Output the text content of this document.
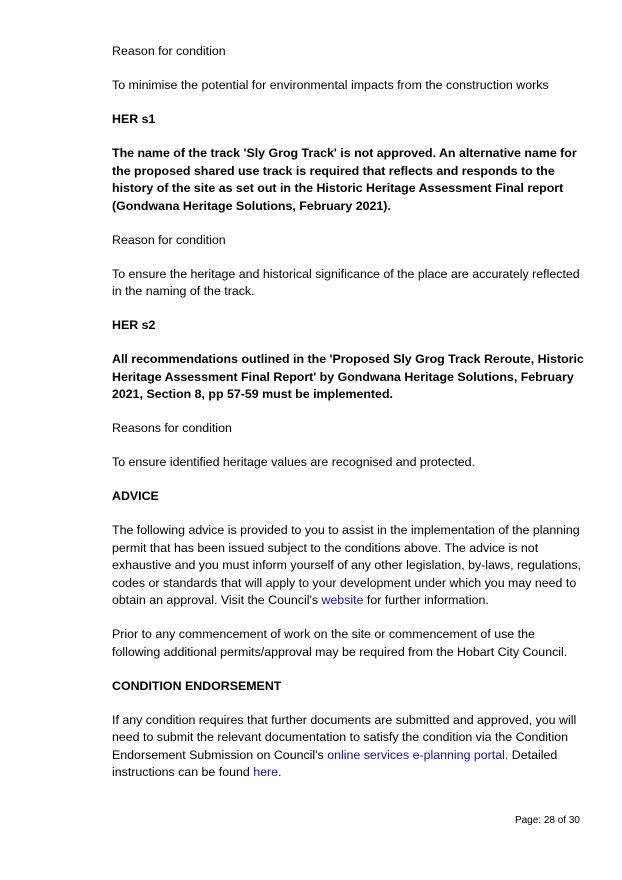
Reason for condition

To minimise the potential for environmental impacts from the construction works

HER s1

The name of the track 'Sly Grog Track' is not approved. An alternative name for the proposed shared use track is required that reflects and responds to the history of the site as set out in the Historic Heritage Assessment Final report (Gondwana Heritage Solutions, February 2021).

Reason for condition

To ensure the heritage and historical significance of the place are accurately reflected in the naming of the track.

HER s2

All recommendations outlined in the 'Proposed Sly Grog Track Reroute, Historic Heritage Assessment Final Report' by Gondwana Heritage Solutions, February 2021, Section 8, pp 57-59 must be implemented.

Reasons for condition

To ensure identified heritage values are recognised and protected.

ADVICE

The following advice is provided to you to assist in the implementation of the planning permit that has been issued subject to the conditions above. The advice is not exhaustive and you must inform yourself of any other legislation, by-laws, regulations, codes or standards that will apply to your development under which you may need to obtain an approval. Visit the Council's website for further information.

Prior to any commencement of work on the site or commencement of use the following additional permits/approval may be required from the Hobart City Council.

CONDITION ENDORSEMENT

If any condition requires that further documents are submitted and approved, you will need to submit the relevant documentation to satisfy the condition via the Condition Endorsement Submission on Council's online services e-planning portal. Detailed instructions can be found here.

Page: 28 of 30
